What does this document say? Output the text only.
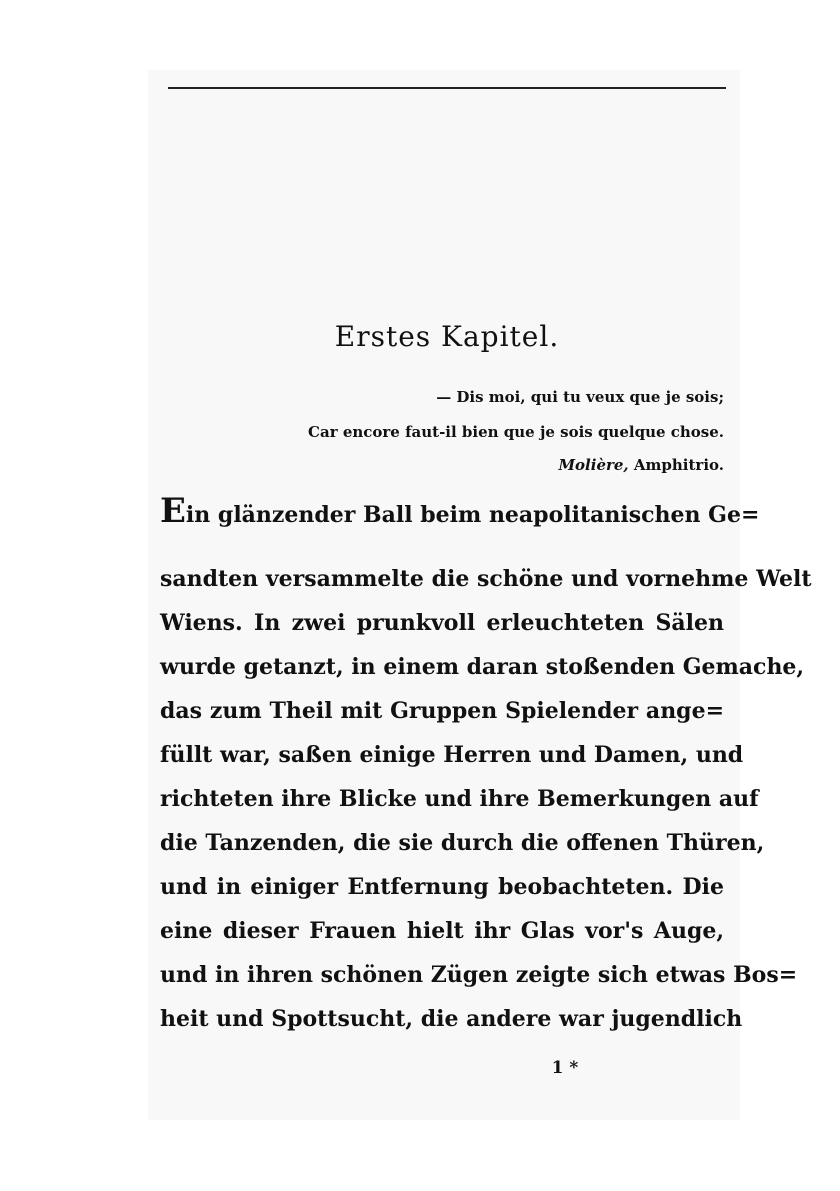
Erstes Kapitel.

— Dis moi, qui tu veux que je sois;

Car encore faut-il bien que je sois quelque chose.

Molière, Amphitrio.

Ein glänzender Ball beim neapolitanischen Ge=

sandten versammelte die schöne und vornehme Welt

Wiens. In zwei prunkvoll erleuchteten Sälen

wurde getanzt, in einem daran stoßenden Gemache,

das zum Theil mit Gruppen Spielender ange=

füllt war, saßen einige Herren und Damen, und

richteten ihre Blicke und ihre Bemerkungen auf

die Tanzenden, die sie durch die offenen Thüren,

und in einiger Entfernung beobachteten. Die

eine dieser Frauen hielt ihr Glas vor's Auge,

und in ihren schönen Zügen zeigte sich etwas Bos=

heit und Spottsucht, die andere war jugendlich

1 *
